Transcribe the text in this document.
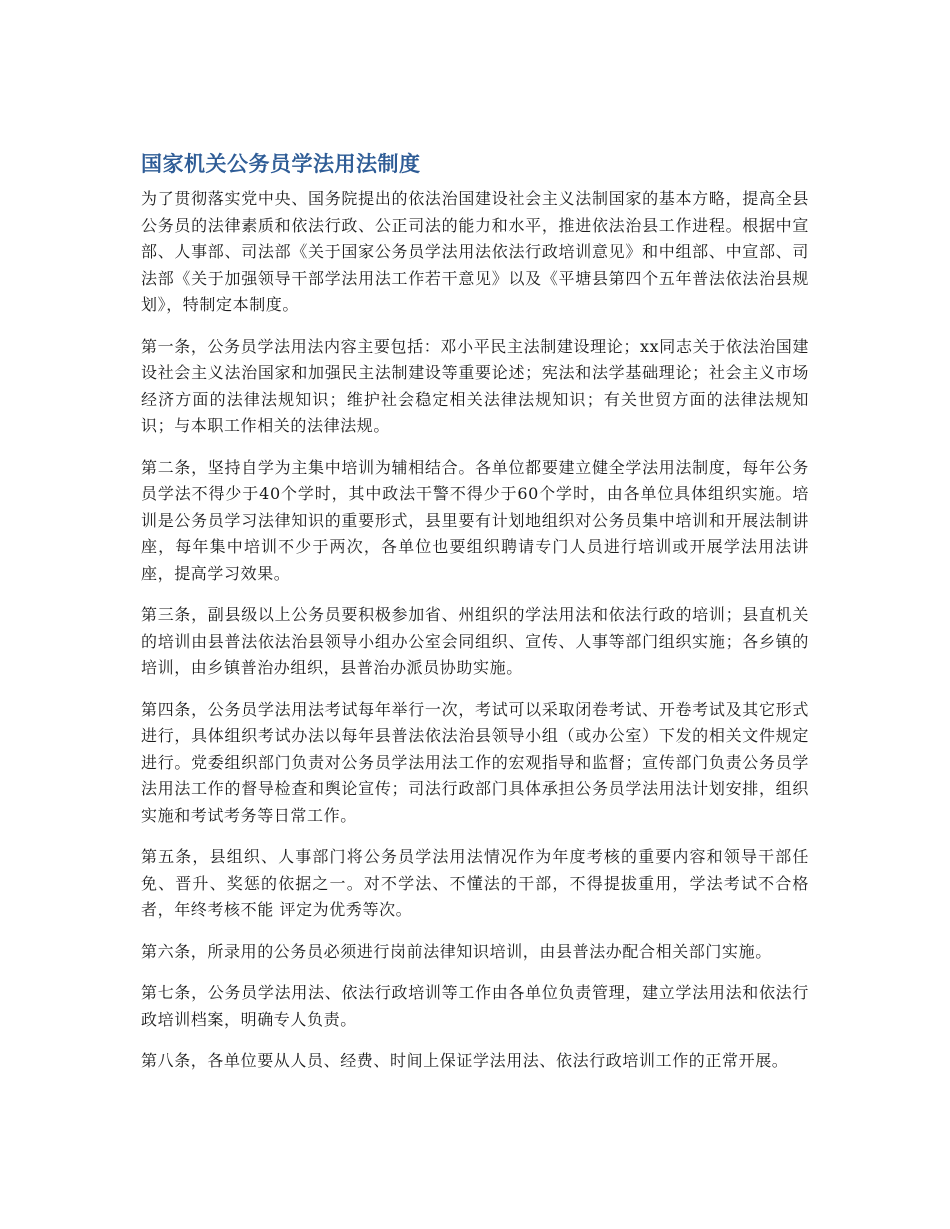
国家机关公务员学法用法制度

为了贯彻落实党中央、国务院提出的依法治国建设社会主义法制国家的基本方略，提高全县公务员的法律素质和依法行政、公正司法的能力和水平，推进依法治县工作进程。根据中宣部、人事部、司法部《关于国家公务员学法用法依法行政培训意见》和中组部、中宣部、司法部《关于加强领导干部学法用法工作若干意见》以及《平塘县第四个五年普法依法治县规划》，特制定本制度。

第一条，公务员学法用法内容主要包括：邓小平民主法制建设理论；xx同志关于依法治国建设社会主义法治国家和加强民主法制建设等重要论述；宪法和法学基础理论；社会主义市场经济方面的法律法规知识；维护社会稳定相关法律法规知识；有关世贸方面的法律法规知识；与本职工作相关的法律法规。

第二条，坚持自学为主集中培训为辅相结合。各单位都要建立健全学法用法制度，每年公务员学法不得少于40个学时，其中政法干警不得少于60个学时，由各单位具体组织实施。培训是公务员学习法律知识的重要形式，县里要有计划地组织对公务员集中培训和开展法制讲座，每年集中培训不少于两次，各单位也要组织聘请专门人员进行培训或开展学法用法讲座，提高学习效果。

第三条，副县级以上公务员要积极参加省、州组织的学法用法和依法行政的培训；县直机关的培训由县普法依法治县领导小组办公室会同组织、宣传、人事等部门组织实施；各乡镇的培训，由乡镇普治办组织，县普治办派员协助实施。

第四条，公务员学法用法考试每年举行一次，考试可以采取闭卷考试、开卷考试及其它形式进行，具体组织考试办法以每年县普法依法治县领导小组（或办公室）下发的相关文件规定进行。党委组织部门负责对公务员学法用法工作的宏观指导和监督；宣传部门负责公务员学法用法工作的督导检查和舆论宣传；司法行政部门具体承担公务员学法用法计划安排，组织实施和考试考务等日常工作。

第五条，县组织、人事部门将公务员学法用法情况作为年度考核的重要内容和领导干部任免、晋升、奖惩的依据之一。对不学法、不懂法的干部，不得提拔重用，学法考试不合格者，年终考核不能 评定为优秀等次。

第六条，所录用的公务员必须进行岗前法律知识培训，由县普法办配合相关部门实施。

第七条，公务员学法用法、依法行政培训等工作由各单位负责管理，建立学法用法和依法行政培训档案，明确专人负责。

第八条，各单位要从人员、经费、时间上保证学法用法、依法行政培训工作的正常开展。
